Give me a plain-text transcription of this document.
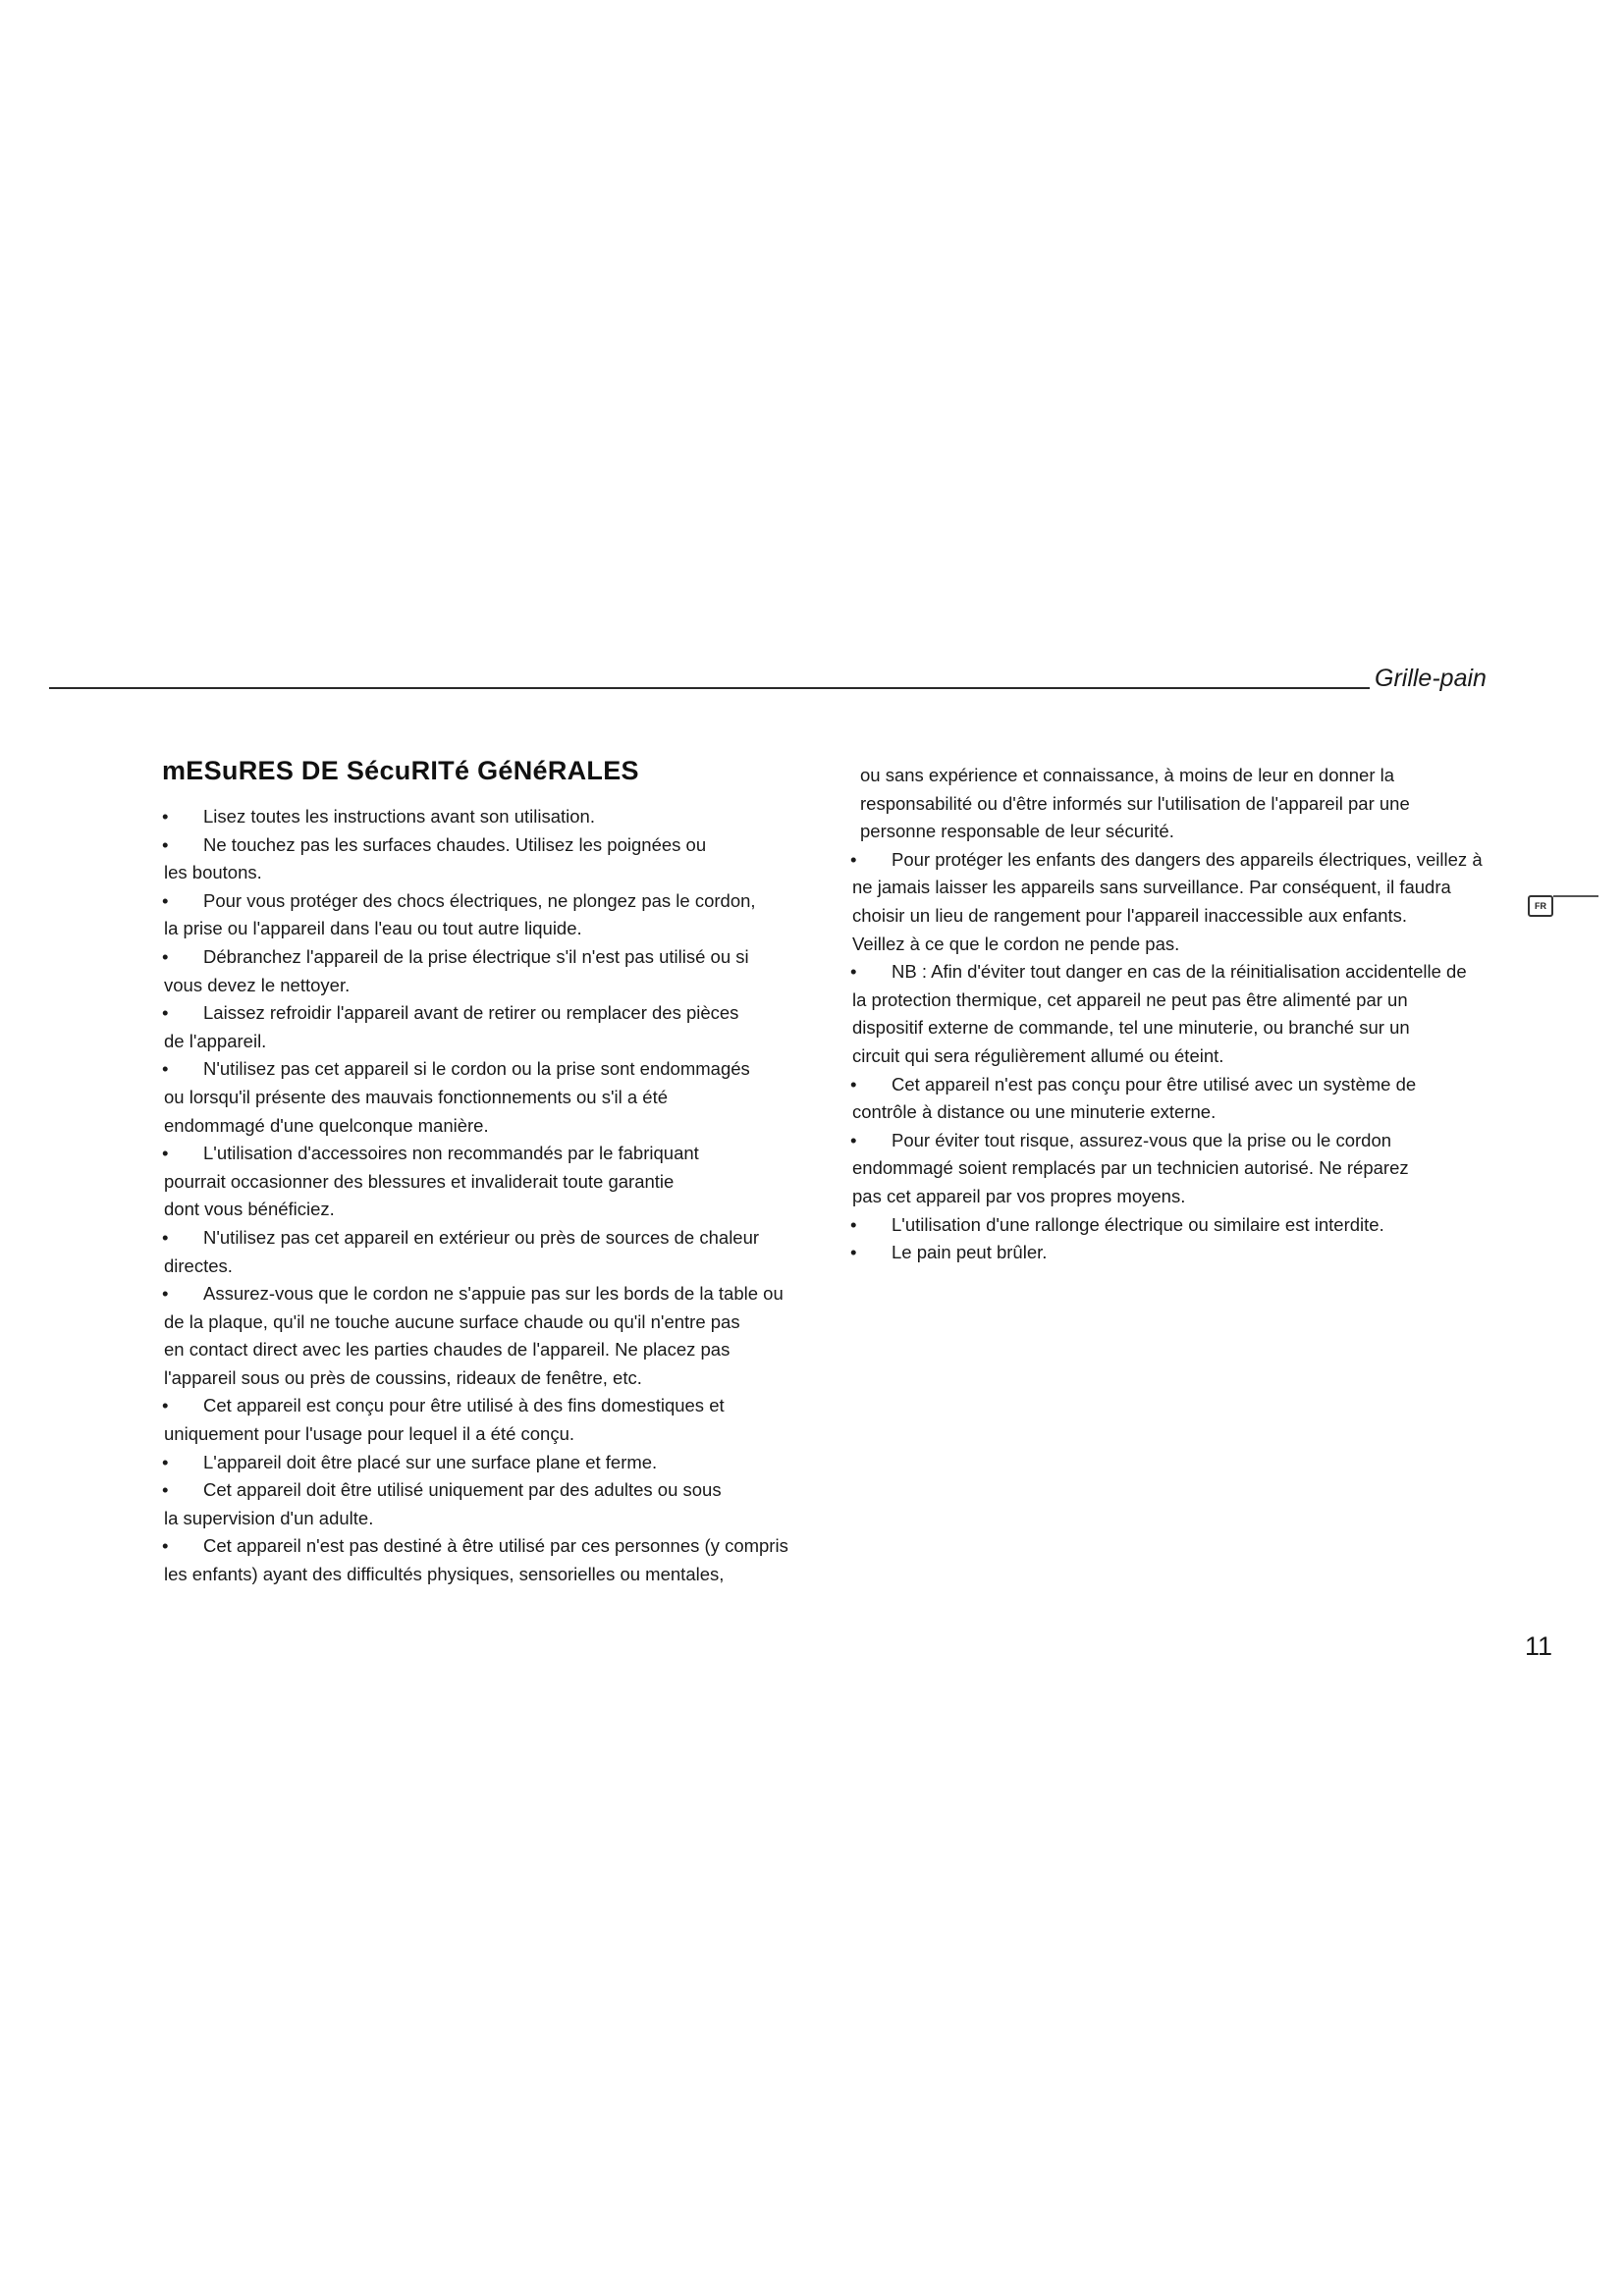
Grille-pain
mESuRES DE SécuRITé GéNéRALES
•	Lisez toutes les instructions avant son utilisation.
•	Ne touchez pas les surfaces chaudes. Utilisez les poignées ou
les boutons.
•	Pour vous protéger des chocs électriques, ne plongez pas le cordon,
la prise ou l'appareil dans l'eau ou tout autre liquide.
•	Débranchez l'appareil de la prise électrique s'il n'est pas utilisé ou si
vous devez le nettoyer.
•	Laissez refroidir l'appareil avant de retirer ou remplacer des pièces
de l'appareil.
•	N'utilisez pas cet appareil si le cordon ou la prise sont endommagés
ou lorsqu'il présente des mauvais fonctionnements ou s'il a été
endommagé d'une quelconque manière.
•	L'utilisation d'accessoires non recommandés par le fabriquant
pourrait occasionner des blessures et invaliderait toute garantie
dont vous bénéficiez.
•	N'utilisez pas cet appareil en extérieur ou près de sources de chaleur
directes.
•	Assurez-vous que le cordon ne s'appuie pas sur les bords de la table ou
de la plaque, qu'il ne touche aucune surface chaude ou qu'il n'entre pas
en contact direct avec les parties chaudes de l'appareil. Ne placez pas
l'appareil sous ou près de coussins, rideaux de fenêtre, etc.
•	Cet appareil est conçu pour être utilisé à des fins domestiques et
uniquement pour l'usage pour lequel il a été conçu.
•	L'appareil doit être placé sur une surface plane et ferme.
•	Cet appareil doit être utilisé uniquement par des adultes ou sous
la supervision d'un adulte.
•	Cet appareil n'est pas destiné à être utilisé par ces personnes (y compris
les enfants) ayant des difficultés physiques, sensorielles ou mentales,
ou sans expérience et connaissance, à moins de leur en donner la
responsabilité ou d'être informés sur l'utilisation de l'appareil par une
personne responsable de leur sécurité.
•	Pour protéger les enfants des dangers des appareils électriques, veillez à
ne jamais laisser les appareils sans surveillance. Par conséquent, il faudra
choisir un lieu de rangement pour l'appareil inaccessible aux enfants.
Veillez à ce que le cordon ne pende pas.
•	NB : Afin d'éviter tout danger en cas de la réinitialisation accidentelle de
la protection thermique, cet appareil ne peut pas être alimenté par un
dispositif externe de commande, tel une minuterie, ou branché sur un
circuit qui sera régulièrement allumé ou éteint.
•	Cet appareil n'est pas conçu pour être utilisé avec un système de
contrôle à distance ou une minuterie externe.
•	Pour éviter tout risque, assurez-vous que la prise ou le cordon
endommagé soient remplacés par un technicien autorisé. Ne réparez
pas cet appareil par vos propres moyens.
•	L'utilisation d'une rallonge électrique ou similaire est interdite.
•	Le pain peut brûler.
FR
11
